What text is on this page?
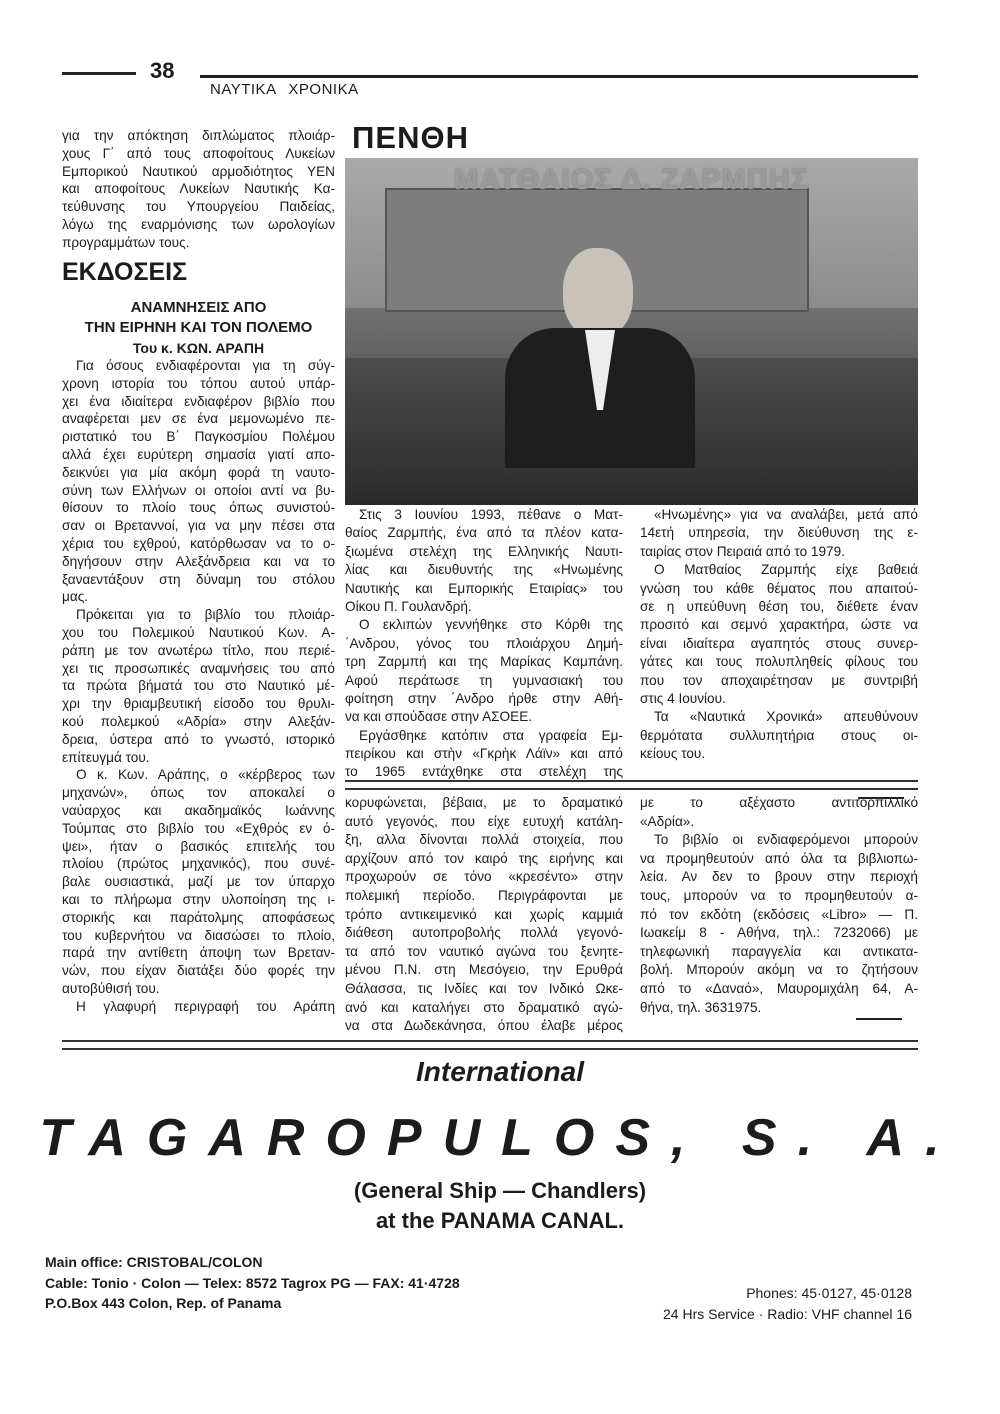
38
ΝΑΥΤΙΚΑ ΧΡΟΝΙΚΑ
για την απόκτηση διπλώματος πλοιάρ-
χους Γ΄ από τους αποφοίτους Λυκείων
Εμπορικού Ναυτικού αρμοδιότητος ΥΕΝ
και αποφοίτους Λυκείων Ναυτικής Κα-
τεύθυνσης του Υπουργείου Παιδείας,
λόγω της εναρμόνισης των ωρολογίων
προγραμμάτων τους.
ΕΚΔΟΣΕΙΣ
ΑΝΑΜΝΗΣΕΙΣ ΑΠΟ
ΤΗΝ ΕΙΡΗΝΗ ΚΑΙ ΤΟΝ ΠΟΛΕΜΟ
Του κ. ΚΩΝ. ΑΡΑΠΗ
Για όσους ενδιαφέρονται για τη σύγ-
χρονη ιστορία του τόπου αυτού υπάρ-
χει ένα ιδιαίτερα ενδιαφέρον βιβλίο που
αναφέρεται μεν σε ένα μεμονωμένο πε-
ριστατικό του Β΄ Παγκοσμίου Πολέμου
αλλά έχει ευρύτερη σημασία γιατί απο-
δεικνύει για μία ακόμη φορά τη ναυτο-
σύνη των Ελλήνων οι οποίοι αντί να βυ-
θίσουν το πλοίο τους όπως συνιστού-
σαν οι Βρεταννοί, για να μην πέσει στα
χέρια του εχθρού, κατόρθωσαν να το ο-
δηγήσουν στην Αλεξάνδρεια και να το
ξαναεντάξουν στη δύναμη του στόλου
μας.
Πρόκειται για το βιβλίο του πλοιάρ-
χου του Πολεμικού Ναυτικού Κων. Α-
ράπη με τον ανωτέρω τίτλο, που περιέ-
χει τις προσωπικές αναμνήσεις του από
τα πρώτα βήματά του στο Ναυτικό μέ-
χρι την θριαμβευτική είσοδο του θρυλι-
κού πολεμκού «Αδρία» στην Αλεξάν-
δρεια, ύστερα από το γνωστό, ιστορικό
επίτευγμά του.
Ο κ. Κων. Αράπης, ο «κέρβερος των
μηχανών», όπως τον αποκαλεί ο
ναύαρχος και ακαδημαϊκός Ιωάννης
Τούμπας στο βιβλίο του «Εχθρός εν ό-
ψει», ήταν ο βασικός επιτελής του
πλοίου (πρώτος μηχανικός), που συνέ-
βαλε ουσιαστικά, μαζί με τον ύπαρχο
και το πλήρωμα στην υλοποίηση της ι-
στορικής και παράτολμης αποφάσεως
του κυβερνήτου να διασώσει το πλοίο,
παρά την αντίθετη άποψη των Βρεταν-
νών, που είχαν διατάξει δύο φορές την
αυτοβύθισή του.
Η γλαφυρή περιγραφή του Αράπη
ΠΕΝΘΗ
ΜΑΤΘΑΙΟΣ Δ. ΖΑΡΜΠΗΣ
Στις 3 Ιουνίου 1993, πέθανε ο Ματ-
θαίος Ζαρμπής, ένα από τα πλέον κατα-
ξιωμένα στελέχη της Ελληνικής Ναυτι-
λίας και διευθυντής της «Ηνωμένης
Ναυτικής και Εμπορικής Εταιρίας» του
Οίκου Π. Γουλανδρή.
Ο εκλιπών γεννήθηκε στο Κόρθι της
΄Ανδρου, γόνος του πλοιάρχου Δημή-
τρη Ζαρμπή και της Μαρίκας Καμπάνη.
Αφού περάτωσε τη γυμνασιακή του
φοίτηση στην ΄Ανδρο ήρθε στην Αθή-
να και σπούδασε στην ΑΣΟΕΕ.
Εργάσθηκε κατόπιν στα γραφεία Εμ-
πειρίκου και στὴν «Γκρὴκ Λάϊν» και από
το 1965 εντάχθηκε στα στελέχη της
«Ηνωμένης» για να αναλάβει, μετά από
14ετή υπηρεσία, την διεύθυνση της ε-
ταιρίας στον Πειραιά από το 1979.
Ο Ματθαίος Ζαρμπής είχε βαθειά
γνώση του κάθε θέματος που απαιτού-
σε η υπεύθυνη θέση του, διέθετε έναν
προσιτό και σεμνό χαρακτήρα, ώστε να
είναι ιδιαίτερα αγαπητός στους συνερ-
γάτες και τους πολυπληθείς φίλους του
που τον αποχαιρέτησαν με συντριβή
στις 4 Ιουνίου.
Τα «Ναυτικά Χρονικά» απευθύνουν
θερμότατα συλλυπητήρια στους οι-
κείους του.
κορυφώνεται, βέβαια, με το δραματικό
αυτό γεγονός, που είχε ευτυχή κατάλη-
ξη, αλλα δίνονται πολλά στοιχεία, που
αρχίζουν από τον καιρό της ειρήνης και
προχωρούν σε τόνο «κρεσέντο» στην
πολεμική περίοδο. Περιγράφονται με
τρόπο αντικειμενικό και χωρίς καμμιά
διάθεση αυτοπροβολής πολλά γεγονό-
τα από τον ναυτικό αγώνα του ξενητε-
μένου Π.Ν. στη Μεσόγειο, την Ερυθρά
Θάλασσα, τις Ινδίες και τον Ινδικό Ωκε-
ανό και καταλήγει στο δραματικό αγώ-
να στα Δωδεκάνησα, όπου έλαβε μέρος
με το αξέχαστο αντιτορπιλλικό
«Αδρία».
Το βιβλίο οι ενδιαφερόμενοι μπορούν
να προμηθευτούν από όλα τα βιβλιοπω-
λεία. Αν δεν το βρουν στην περιοχή
τους, μπορούν να το προμηθευτούν α-
πό τον εκδότη (εκδόσεις «Libro» — Π.
Ιωακείμ 8 - Αθήνα, τηλ.: 7232066) με
τηλεφωνική παραγγελία και αντικατα-
βολή. Μπορούν ακόμη να το ζητήσουν
από το «Δαναό», Μαυρομιχάλη 64, Α-
θήνα, τηλ. 3631975.
International
TAGAROPULOS, S. A.
(General Ship — Chandlers)
at the PANAMA CANAL.
Main office: CRISTOBAL/COLON
Cable: Tonio · Colon — Telex: 8572 Tagrox PG — FAX: 41·4728
P.O.Box 443 Colon, Rep. of Panama
Phones: 45·0127, 45·0128
24 Hrs Service · Radio: VHF channel 16
